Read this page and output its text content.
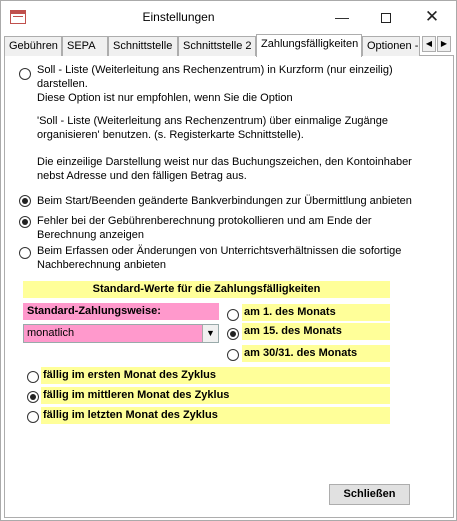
Einstellungen	—	✕
Gebühren SEPA	Schnittstelle Schnittstelle 2 Zahlungsfälligkeiten Optionen - ◀	▶
Soll - Liste (Weiterleitung ans Rechenzentrum) in Kurzform (nur einzeilig)
darstellen.
Diese Option ist nur empfohlen, wenn Sie die Option
'Soll - Liste (Weiterleitung ans Rechenzentrum) über einmalige Zugänge
organisieren' benutzen. (s. Registerkarte Schnittstelle).
Die einzeilige Darstellung weist nur das Buchungszeichen, den Kontoinhaber
nebst Adresse und den fälligen Betrag aus.
Beim Start/Beenden geänderte Bankverbindungen zur Übermittlung anbieten
Fehler bei der Gebührenberechnung protokollieren und am Ende der
Berechnung anzeigen
Beim Erfassen oder Änderungen von Unterrichtsverhältnissen die sofortige
Nachberechnung anbieten
Standard-Werte für die Zahlungsfälligkeiten
Standard-Zahlungsweise:
monatlich	▼
am 1. des Monats
am 15. des Monats
am 30/31. des Monats
fällig im ersten Monat des Zyklus
fällig im mittleren Monat des Zyklus
fällig im letzten Monat des Zyklus
Schließen
